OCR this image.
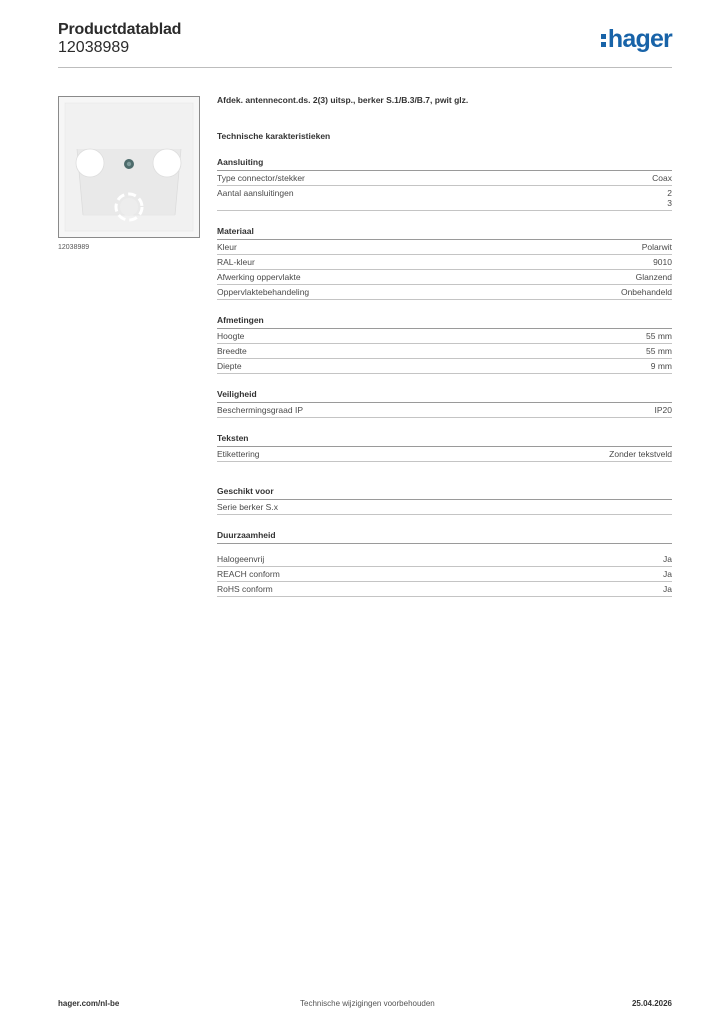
Productdatablad
12038989	hager
12038989
Afdek. antennecont.ds. 2(3) uitsp., berker S.1/B.3/B.7, pwit glz.
Technische karakteristieken
Aansluiting
Type connector/stekker	Coax
Aantal aansluitingen	2
3
Materiaal
Kleur	Polarwit
RAL-kleur	9010
Afwerking oppervlakte	Glanzend
Oppervlaktebehandeling	Onbehandeld
Afmetingen
Hoogte	55 mm
Breedte	55 mm
Diepte	9 mm
Veiligheid
Beschermingsgraad IP	IP20
Teksten
Etikettering	Zonder tekstveld
Geschikt voor
Serie berker S.x
Duurzaamheid
Halogeenvrij	Ja
REACH conform	Ja
RoHS conform	Ja
hager.com/nl-be	Technische wijzigingen voorbehouden	25.04.2026
